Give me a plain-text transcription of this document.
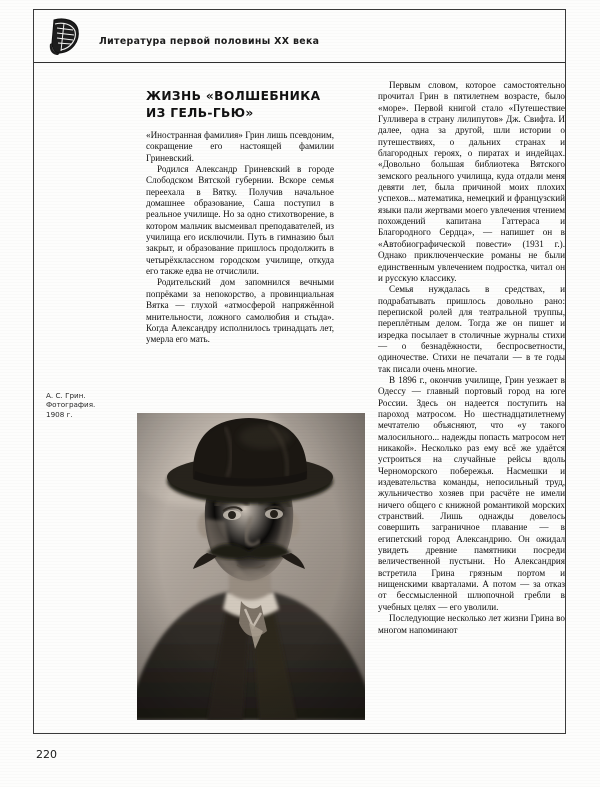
Литература первой половины XX века
ЖИЗНЬ «ВОЛШЕБНИКА
ИЗ ГЕЛЬ-ГЬЮ»

«Иностранная фамилия» Грин лишь псевдоним, сокращение его настоящей фамилии Гриневский.

Родился Александр Гриневский в городе Слободском Вятской губернии. Вскоре семья переехала в Вятку. Получив начальное домашнее образование, Саша поступил в реальное училище. Но за одно стихотворение, в котором мальчик высмеивал преподавателей, из училища его исключили. Путь в гимназию был закрыт, и образование пришлось продолжить в четырёхклассном городском училище, откуда его также едва не отчислили.

Родительский дом запомнился вечными попрёками за непокорство, а провинциальная Вятка — глухой «атмосферой напряжённой мнительности, ложного самолюбия и стыда». Когда Александру исполнилось тринадцать лет, умерла его мать.

А. С. Грин.
Фотография.
1908 г.

Первым словом, которое самостоятельно прочитал Грин в пятилетнем возрасте, было «море». Первой книгой стало «Путешествие Гулливера в страну лилипутов» Дж. Свифта. И далее, одна за другой, шли истории о путешествиях, о дальних странах и благородных героях, о пиратах и индейцах. «Довольно большая библиотека Вятского земского реального училища, куда отдали меня девяти лет, была причиной моих плохих успехов... математика, немецкий и французский языки пали жертвами моего увлечения чтением похождений капитана Гаттераса и Благородного Сердца», — напишет он в «Автобиографической повести» (1931 г.). Однако приключенческие романы не были единственным увлечением подростка, читал он и русскую классику.

Семья нуждалась в средствах, и подрабатывать пришлось довольно рано: перепиской ролей для театральной труппы, переплётным делом. Тогда же он пишет и изредка посылает в столичные журналы стихи — о безнадёжности, беспросветности, одиночестве. Стихи не печатали — в те годы так писали очень многие.

В 1896 г., окончив училище, Грин уезжает в Одессу — главный портовый город на юге России. Здесь он надеется поступить на пароход матросом. Но шестнадцатилетнему мечтателю объясняют, что «у такого малосильного... надежды попасть матросом нет никакой». Несколько раз ему всё же удаётся устроиться на случайные рейсы вдоль Черноморского побережья. Насмешки и издевательства команды, непосильный труд, жульничество хозяев при расчёте не имели ничего общего с книжной романтикой морских странствий. Лишь однажды довелось совершить заграничное плавание — в египетский город Александрию. Он ожидал увидеть древние памятники посреди величественной пустыни. Но Александрия встретила Грина грязным портом и нищенскими кварталами. А потом — за отказ от бессмысленной шлюпочной гребли в учебных целях — его уволили.

Последующие несколько лет жизни Грина во многом напоминают

220
